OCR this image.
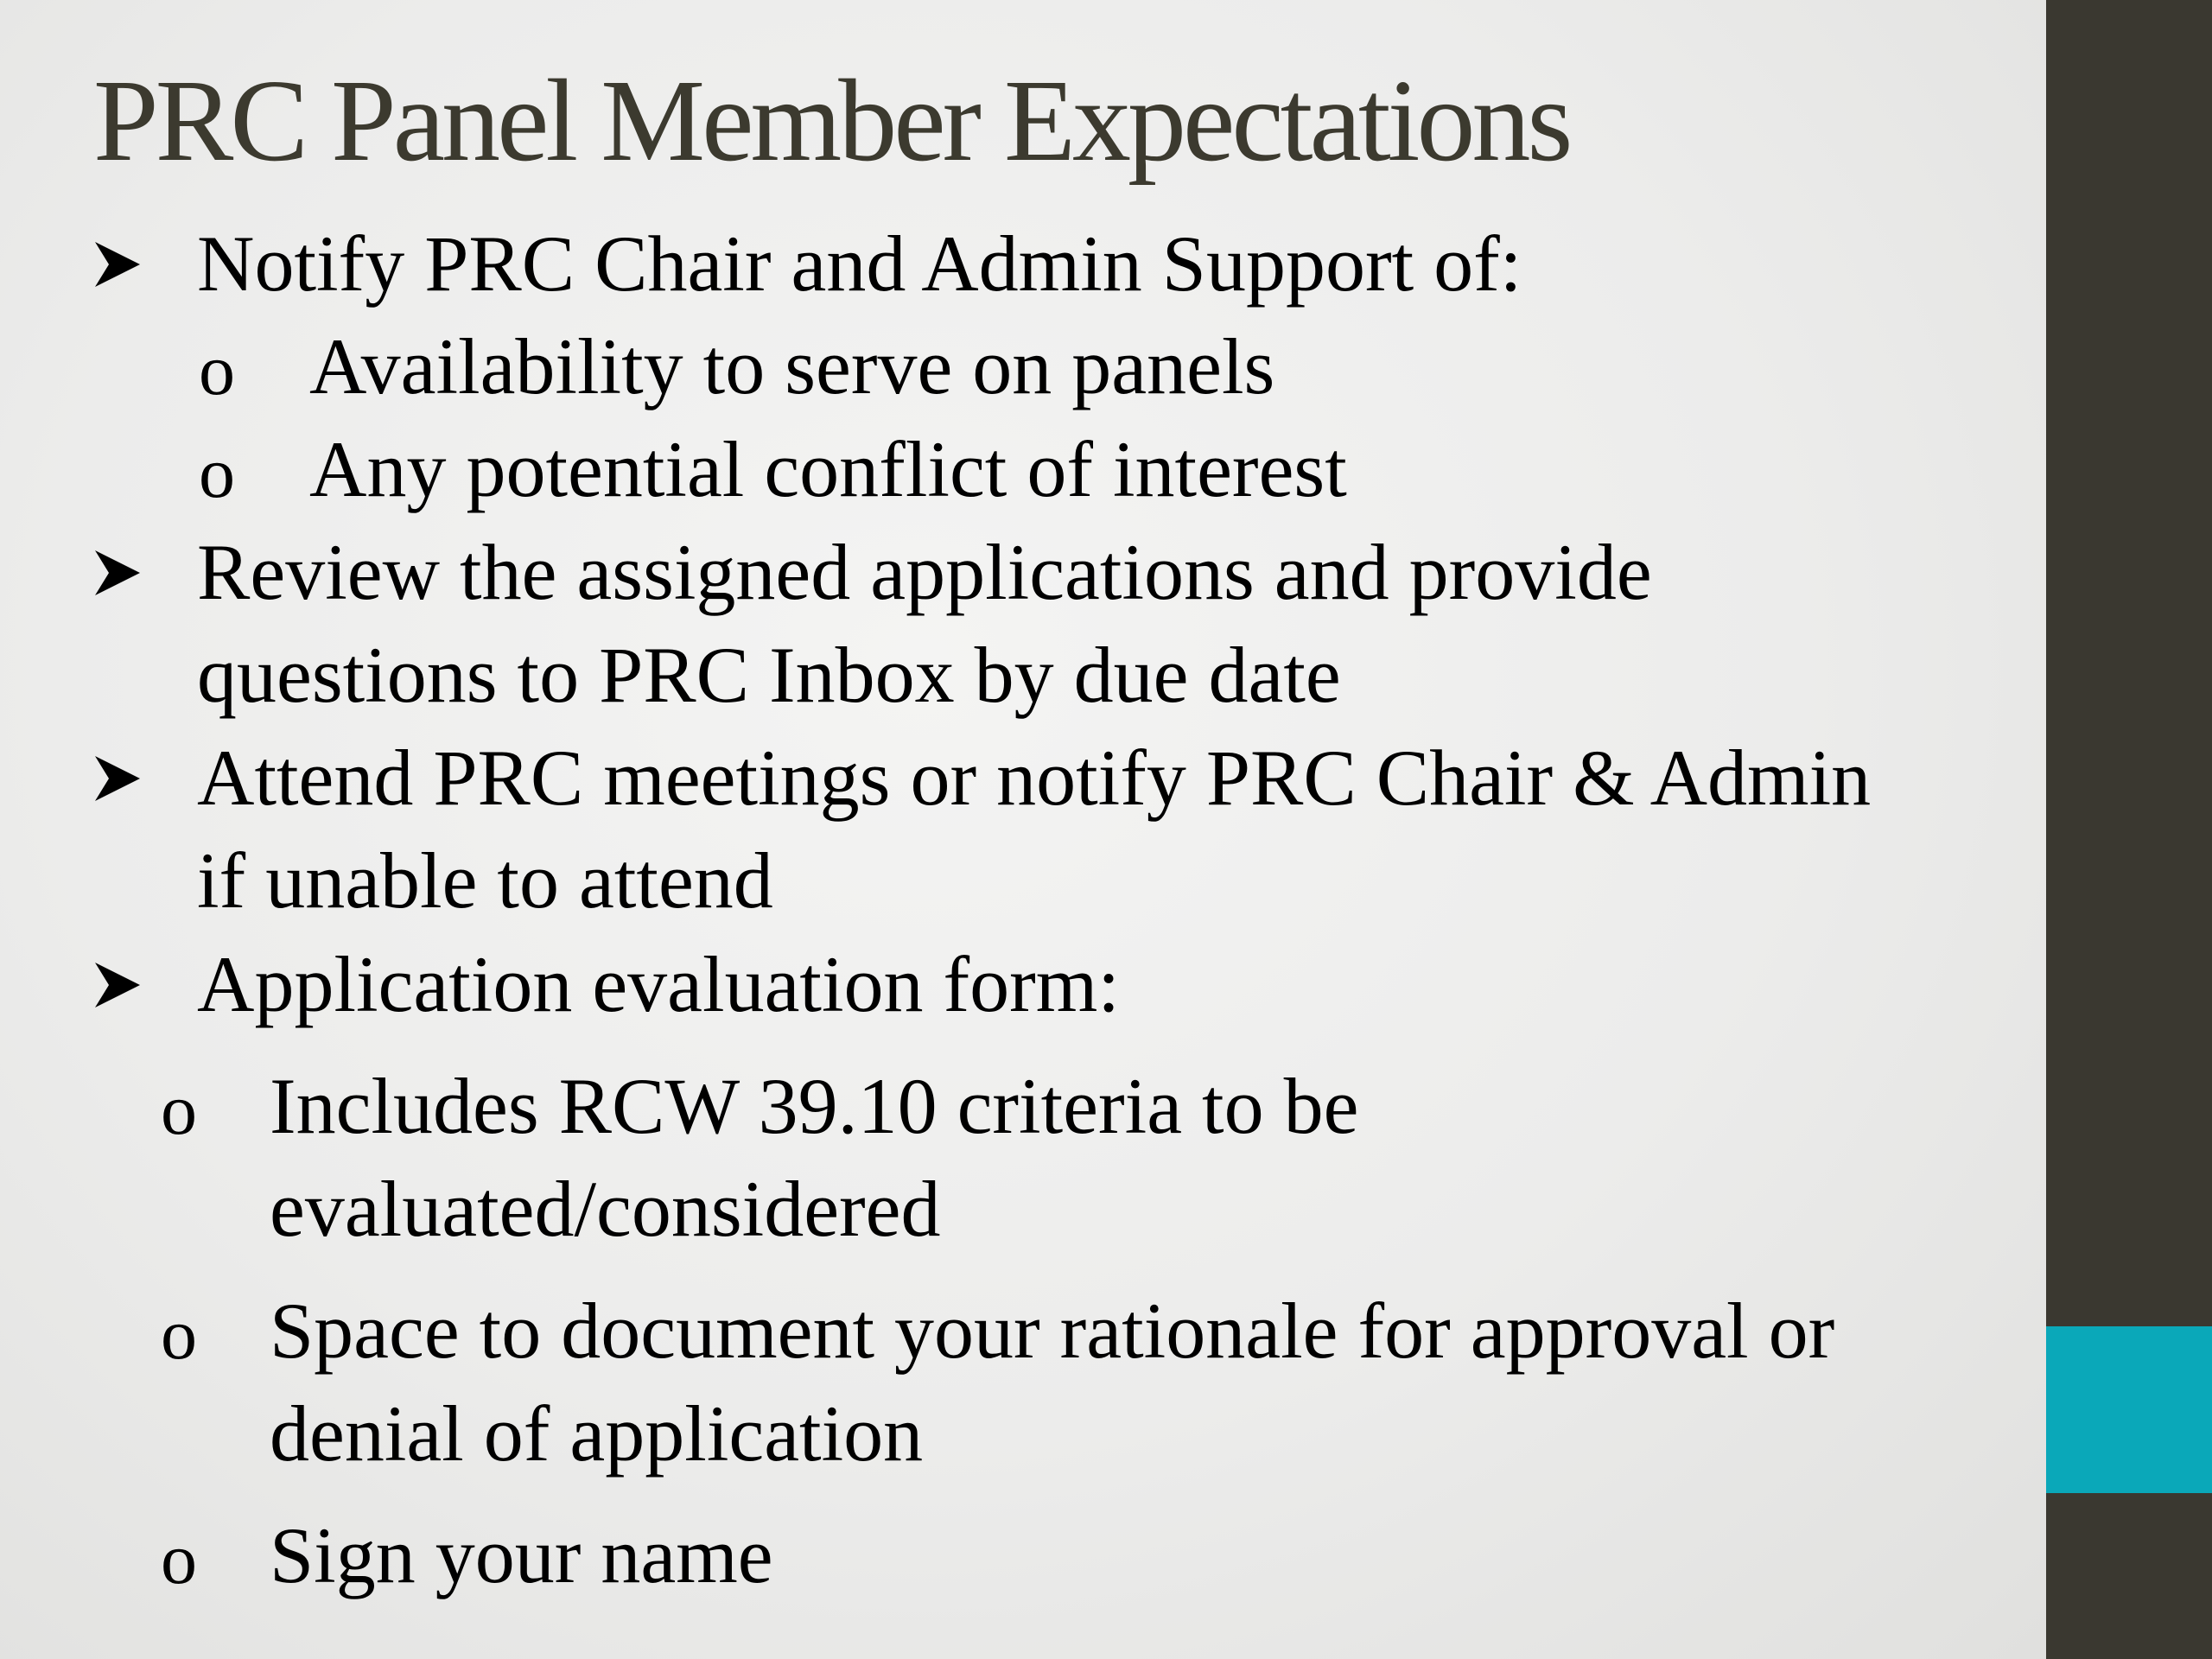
PRC Panel Member Expectations
Notify PRC Chair and Admin Support of:
o Availability to serve on panels
o Any potential conflict of interest
Review the assigned applications and provide
questions to PRC Inbox by due date
Attend PRC meetings or notify PRC Chair & Admin
if unable to attend
Application evaluation form:
o Includes RCW 39.10 criteria to be
evaluated/considered
o Space to document your rationale for approval or
denial of application
o Sign your name
